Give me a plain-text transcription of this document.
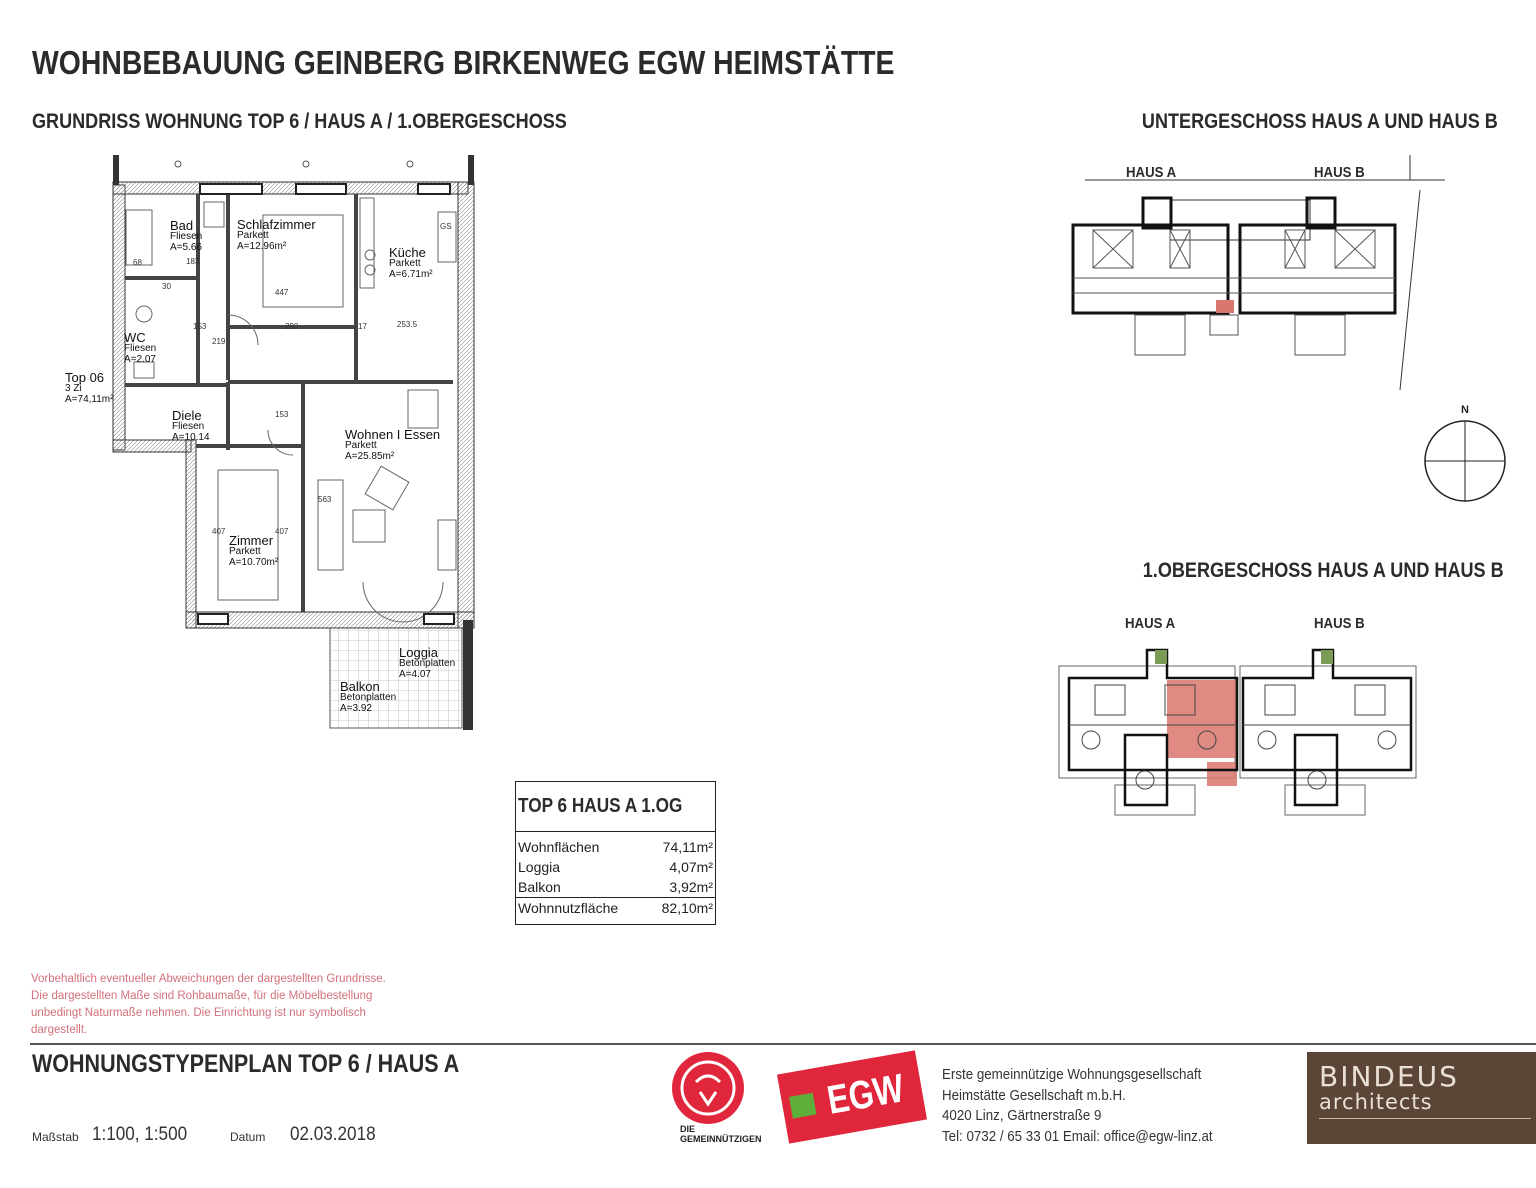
WOHNBEBAUUNG GEINBERG BIRKENWEG EGW HEIMSTÄTTE
GRUNDRISS WOHNUNG TOP 6 / HAUS A / 1.OBERGESCHOSS	UNTERGESCHOSS HAUS A UND HAUS B
1.OBERGESCHOSS HAUS A UND HAUS B
Bad
Fliesen
A=5.66
Schlafzimmer
Parkett
A=12.96m²	Küche
Parkett
A=6.71m²
WC
Fliesen
A=2.07
Diele
Fliesen
A=10.14	Wohnen I Essen
Parkett
A=25.85m²
Zimmer
Parkett
A=10.70m²
Loggia
Betonplatten
A=4.07
Balkon
Betonplatten
A=3.92
Top 06
3 Zi
A=74,11m²
183
68
290	17	253.5
447
153
219
153
407	407
563
30
GS
HAUS A	HAUS B
N
HAUS A	HAUS B
TOP 6 HAUS A 1.OG
Wohnflächen	74,11m²
Loggia	4,07m²
Balkon	3,92m²
Wohnnutzfläche	82,10m²
Vorbehaltlich eventueller Abweichungen der dargestellten Grundrisse. Die dargestellten Maße sind Rohbaumaße, für die Möbelbestellung unbedingt Naturmaße nehmen. Die Einrichtung ist nur symbolisch dargestellt.
WOHNUNGSTYPENPLAN TOP 6 / HAUS A
Maßstab 1:100, 1:500	Datum 02.03.2018	DIE
GEMEINNÜTZIGEN
EGW Erste gemeinnützige Wohnungsgesellschaft
Heimstätte Gesellschaft m.b.H.
4020 Linz, Gärtnerstraße 9
Tel: 0732 / 65 33 01 Email: office@egw-linz.at
BINDEUS
architects
